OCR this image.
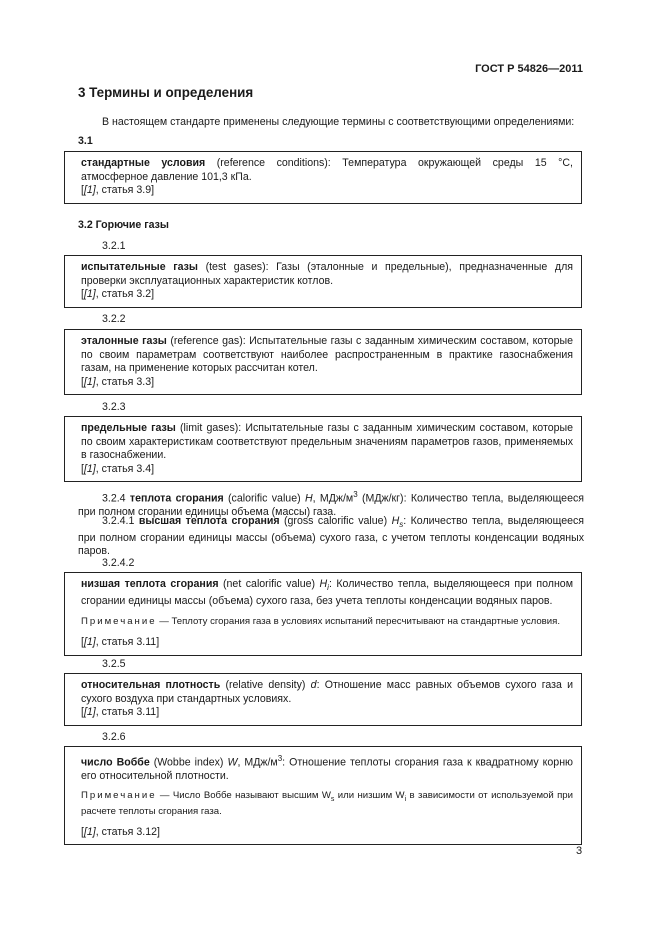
ГОСТ Р 54826—2011
3 Термины и определения
В настоящем стандарте применены следующие термины с соответствующими определениями:
3.1

стандартные условия (reference conditions): Температура окружающей среды 15 °С, атмосферное давление 101,3 кПа.

[[1], статья 3.9]

3.2 Горючие газы
3.2.1

испытательные газы (test gases): Газы (эталонные и предельные), предназначенные для проверки эксплуатационных характеристик котлов.

[[1], статья 3.2]

3.2.2

эталонные газы (reference gas): Испытательные газы с заданным химическим составом, которые по своим параметрам соответствуют наиболее распространенным в практике газоснабжения газам, на применение которых рассчитан котел.

[[1], статья 3.3]

3.2.3

предельные газы (limit gases): Испытательные газы с заданным химическим составом, которые по своим характеристикам соответствуют предельным значениям параметров газов, применяемых в газоснабжении.

[[1], статья 3.4]

3.2.4 теплота сгорания (calorific value) H, МДж/$м^3$ (МДж/кг): Количество тепла, выделяющееся при полном сгорании единицы объема (массы) газа.
3.2.4.1 высшая теплота сгорания (gross calorific value) $H_s$: Количество тепла, выделяющееся при полном сгорании единицы массы (объема) сухого газа, с учетом теплоты конденсации водяных паров.
3.2.4.2

низшая теплота сгорания (net calorific value) $H_i$: Количество тепла, выделяющееся при полном сгорании единицы массы (объема) сухого газа, без учета теплоты конденсации водяных паров.

Примечание — Теплоту сгорания газа в условиях испытаний пересчитывают на стандартные условия.

[[1], статья 3.11]

3.2.5

относительная плотность (relative density) d: Отношение масс равных объемов сухого газа и сухого воздуха при стандартных условиях.

[[1], статья 3.11]

3.2.6

число Воббе (Wobbe index) W, МДж/$м^3$: Отношение теплоты сгорания газа к квадратному корню его относительной плотности.

Примечание — Число Воббе называют высшим $W_s$ или низшим $W_i$ в зависимости от используемой при расчете теплоты сгорания газа.

[[1], статья 3.12]

3
